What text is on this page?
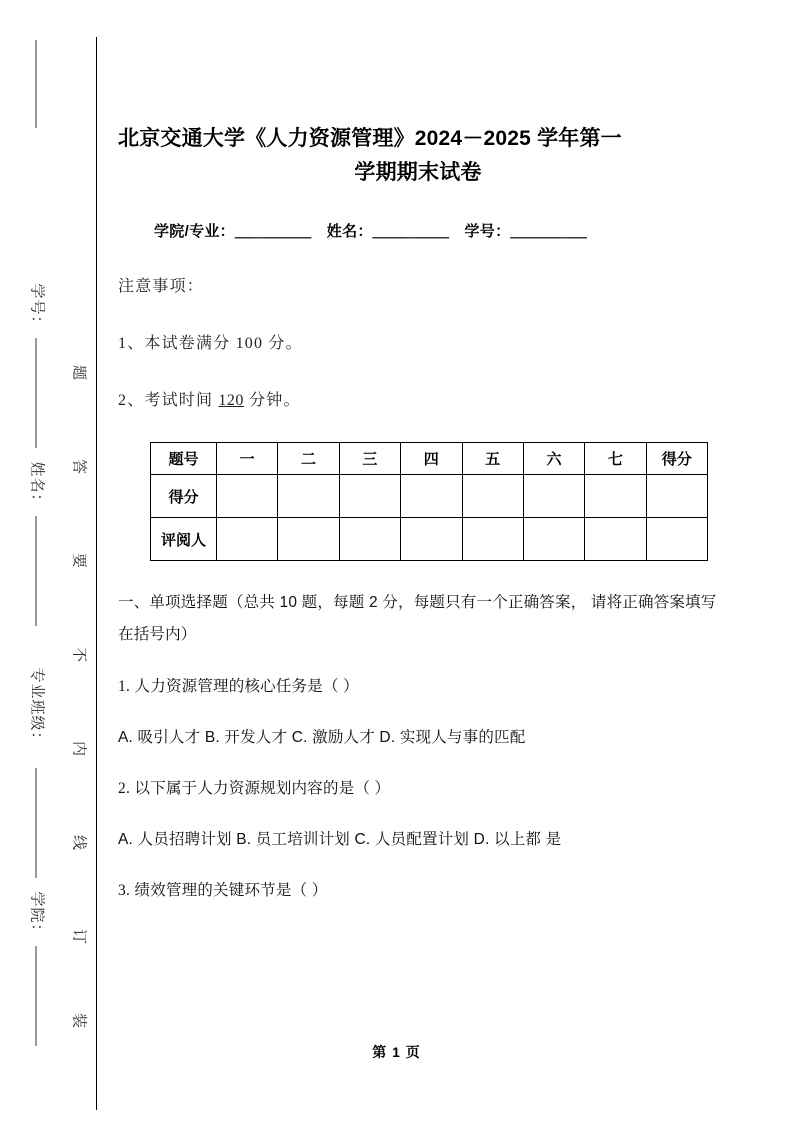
学号：
姓名：
专业班级：
学院：
题
答
要
不
内
线
订
装
北京交通大学《人力资源管理》2024－2025 学年第一
学期期末试卷

学院/专业：＿＿＿＿＿　姓名：＿＿＿＿＿　学号：＿＿＿＿＿

注意事项：

1、本试卷满分 100 分。

2、考试时间 120 分钟。

题号	一	二	三	四	五	六	七	得分
得分								
评阅人								

一、单项选择题（总共 10 题，每题 2 分，每题只有一个正确答案， 请将正确答案填写在括号内）

1. 人力资源管理的核心任务是（ ）

A. 吸引人才 B. 开发人才 C. 激励人才 D. 实现人与事的匹配

2. 以下属于人力资源规划内容的是（ ）

A. 人员招聘计划 B. 员工培训计划 C. 人员配置计划 D. 以上都 是

3. 绩效管理的关键环节是（ ）

第 1 页
